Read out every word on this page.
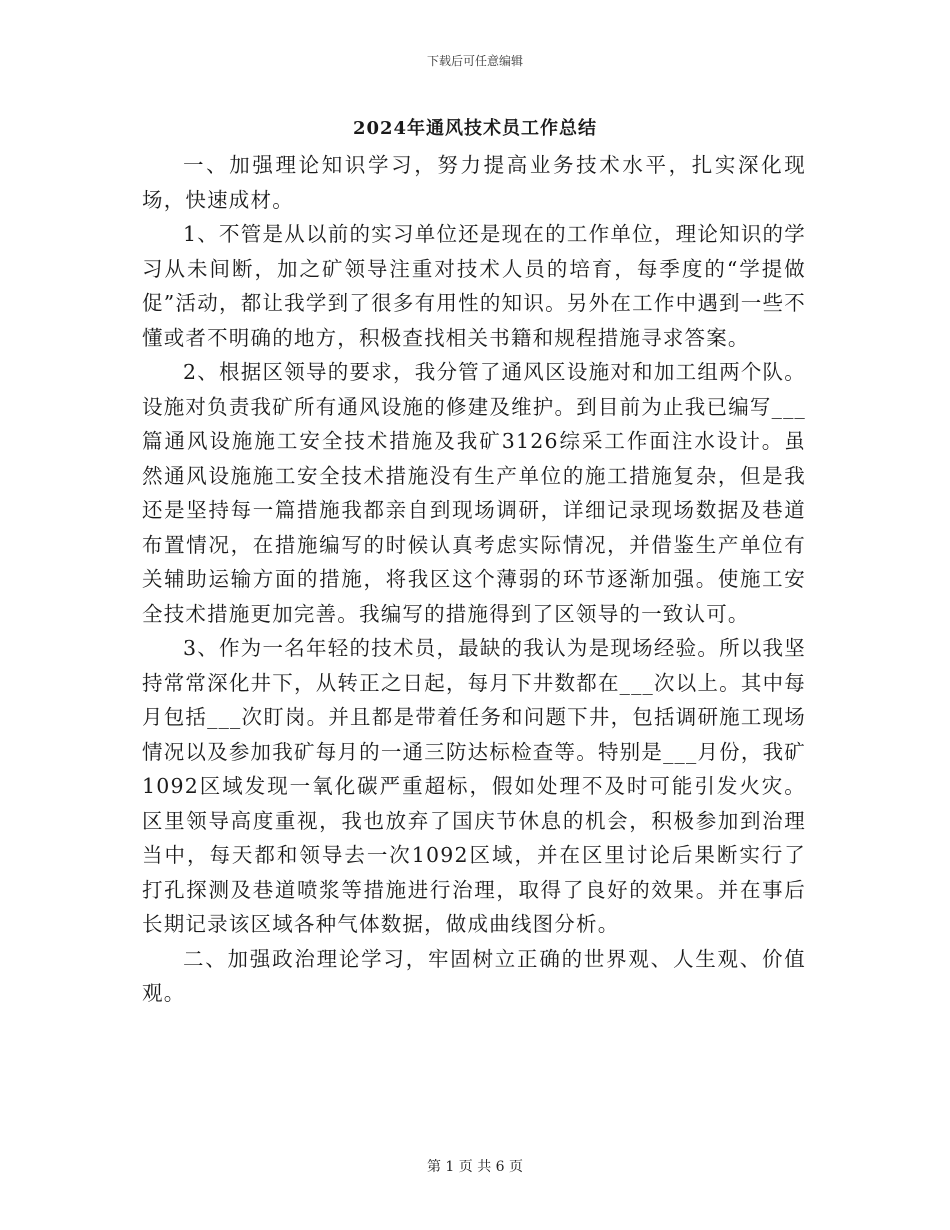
下载后可任意编辑
2024年通风技术员工作总结

一、加强理论知识学习，努力提高业务技术水平，扎实深化现场，快速成材。

1、不管是从以前的实习单位还是现在的工作单位，理论知识的学习从未间断，加之矿领导注重对技术人员的培育，每季度的“学提做促”活动，都让我学到了很多有用性的知识。另外在工作中遇到一些不懂或者不明确的地方，积极查找相关书籍和规程措施寻求答案。

2、根据区领导的要求，我分管了通风区设施对和加工组两个队。设施对负责我矿所有通风设施的修建及维护。到目前为止我已编写___篇通风设施施工安全技术措施及我矿3126综采工作面注水设计。虽然通风设施施工安全技术措施没有生产单位的施工措施复杂，但是我还是坚持每一篇措施我都亲自到现场调研，详细记录现场数据及巷道布置情况，在措施编写的时候认真考虑实际情况，并借鉴生产单位有关辅助运输方面的措施，将我区这个薄弱的环节逐渐加强。使施工安全技术措施更加完善。我编写的措施得到了区领导的一致认可。

3、作为一名年轻的技术员，最缺的我认为是现场经验。所以我坚持常常深化井下，从转正之日起，每月下井数都在___次以上。其中每月包括___次盯岗。并且都是带着任务和问题下井，包括调研施工现场情况以及参加我矿每月的一通三防达标检查等。特别是___月份，我矿1092区域发现一氧化碳严重超标，假如处理不及时可能引发火灾。区里领导高度重视，我也放弃了国庆节休息的机会，积极参加到治理当中，每天都和领导去一次1092区域，并在区里讨论后果断实行了打孔探测及巷道喷浆等措施进行治理，取得了良好的效果。并在事后长期记录该区域各种气体数据，做成曲线图分析。

二、加强政治理论学习，牢固树立正确的世界观、人生观、价值观。

第 1 页 共 6 页
